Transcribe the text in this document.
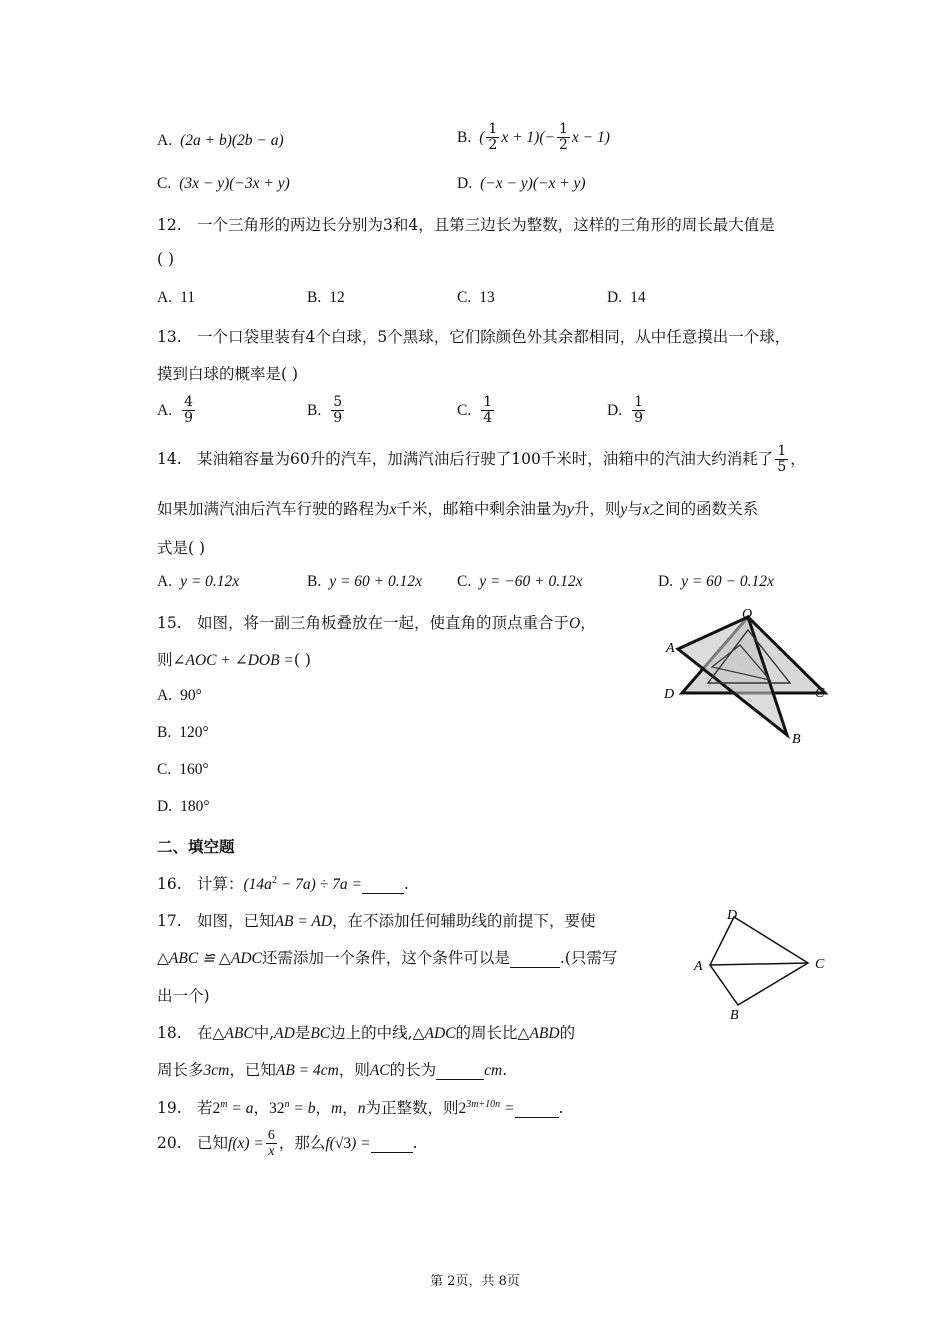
A. (2a + b)(2b − a)	B. ( $\frac{1}{2}$ $x + 1)(- \frac{1}{2}$ x − 1)
C. (3x − y)(−3x + y)	D. (−x − y)(−x + y)
12. 一个三角形的两边长分别为3和4，且第三边长为整数，这样的三角形的周长最大值是
( )
A. 11	B. 12	C. 13	D. 14
13. 一个口袋里装有4个白球，5个黑球，它们除颜色外其余都相同，从中任意摸出一个球，
摸到白球的概率是( )
A. $\frac{4}{9}$	B. $\frac{5}{9}$	C. $\frac{1}{4}$	D. $\frac{1}{9}$
14. 某油箱容量为60升的汽车，加满汽油后行驶了100千米时，油箱中的汽油大约消耗了 $\frac{1}{5}$ ，
如果加满汽油后汽车行驶的路程为x千米，邮箱中剩余油量为y升，则y与x之间的函数关系
式是( )
A. y = 0.12x	B. y = 60 + 0.12x C. y = −60 + 0.12x	D. y = 60 − 0.12x
15. 如图，将一副三角板叠放在一起，使直角的顶点重合于O，
则∠AOC + ∠DOB =( )
A. 90°
B. 120°
C. 160°
D. 180°
O
A
D	C
B
二、填空题
16. 计算：$(14a^2 - 7a) \div 7a$ =	.
17. 如图，已知AB = AD，在不添加任何辅助线的前提下，要使
△ABC ≌ △ADC还需添加一个条件，这个条件可以是	.(只需写
出一个)
D
A	C
B
18. 在△ABC中,AD是BC边上的中线,△ADC的周长比△ABD的
周长多3cm，已知AB = 4cm，则AC的长为	cm.
19. 若$2^m = a$，$32^n = b$，m，n为正整数，则$2^{3m+10n}$ =	.
20. 已知$f(x) = \frac{6}{x}$ ，那么f(√3) =	.
第 2页，共 8页
